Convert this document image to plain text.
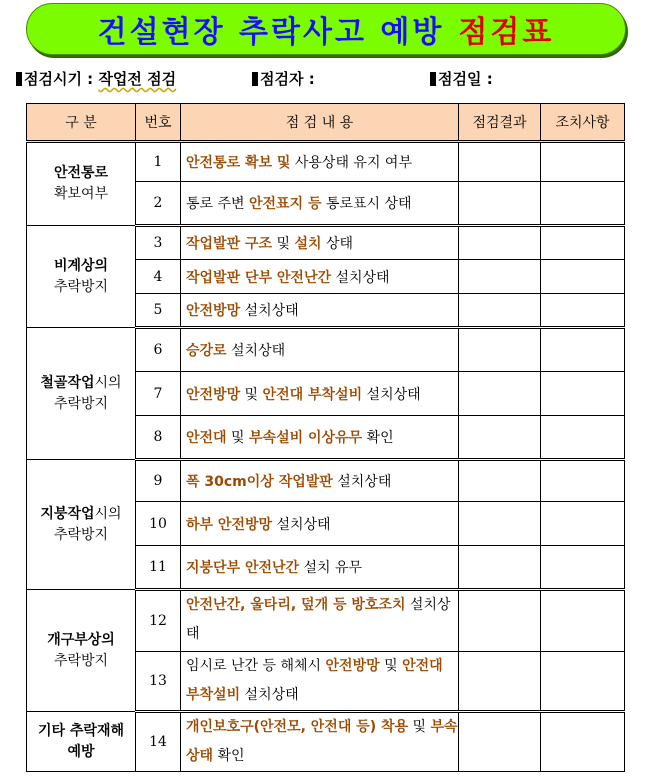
건설현장 추락사고 예방 점검표
점검시기 : 작업전 점검	점검자 :	점검일 :
구 분	번호	점 검 내 용	점검결과	조치사항
안전통로
확보여부	1	안전통로 확보 및 사용상태 유지 여부		
	2	통로 주변 안전표지 등 통로표시 상태		
비계상의
추락방지	3	작업발판 구조 및 설치 상태		
	4	작업발판 단부 안전난간 설치상태		
	5	안전방망 설치상태		
철골작업시의
추락방지	6	승강로 설치상태		
	7	안전방망 및 안전대 부착설비 설치상태		
	8	안전대 및 부속설비 이상유무 확인		
지붕작업시의
추락방지	9	폭 30cm이상 작업발판 설치상태		
	10	하부 안전방망 설치상태		
	11	지붕단부 안전난간 설치 유무		
개구부상의
추락방지	12	안전난간, 울타리, 덮개 등 방호조치 설치상태		
	13	임시로 난간 등 해체시 안전방망 및 안전대 부착설비 설치상태		
기타 추락재해
예방	14	개인보호구(안전모, 안전대 등) 착용 및 부속상태 확인		
